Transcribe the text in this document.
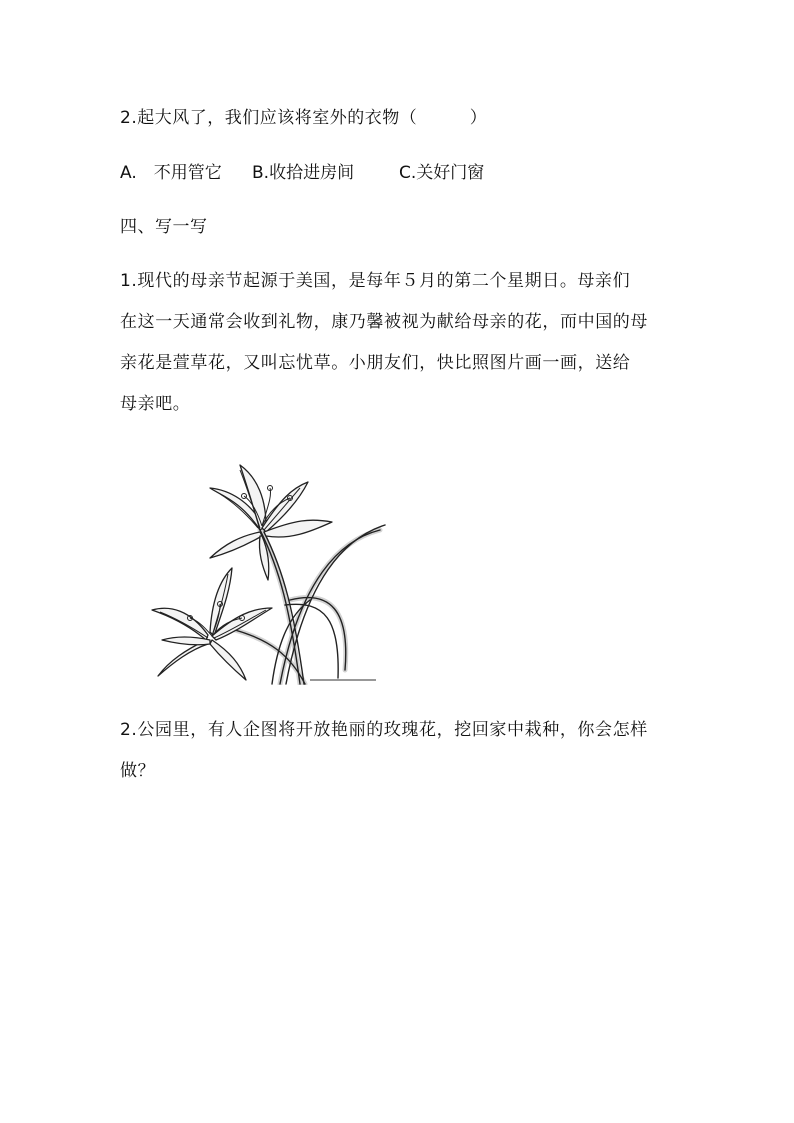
2.起大风了，我们应该将室外的衣物（　　　）
A.　不用管它 B.收拾进房间	C.关好门窗
四、写一写
1.现代的母亲节起源于美国，是每年５月的第二个星期日。母亲们
在这一天通常会收到礼物，康乃馨被视为献给母亲的花，而中国的母
亲花是萱草花，又叫忘忧草。小朋友们，快比照图片画一画，送给
母亲吧。
2.公园里，有人企图将开放艳丽的玫瑰花，挖回家中栽种，你会怎样
做？
